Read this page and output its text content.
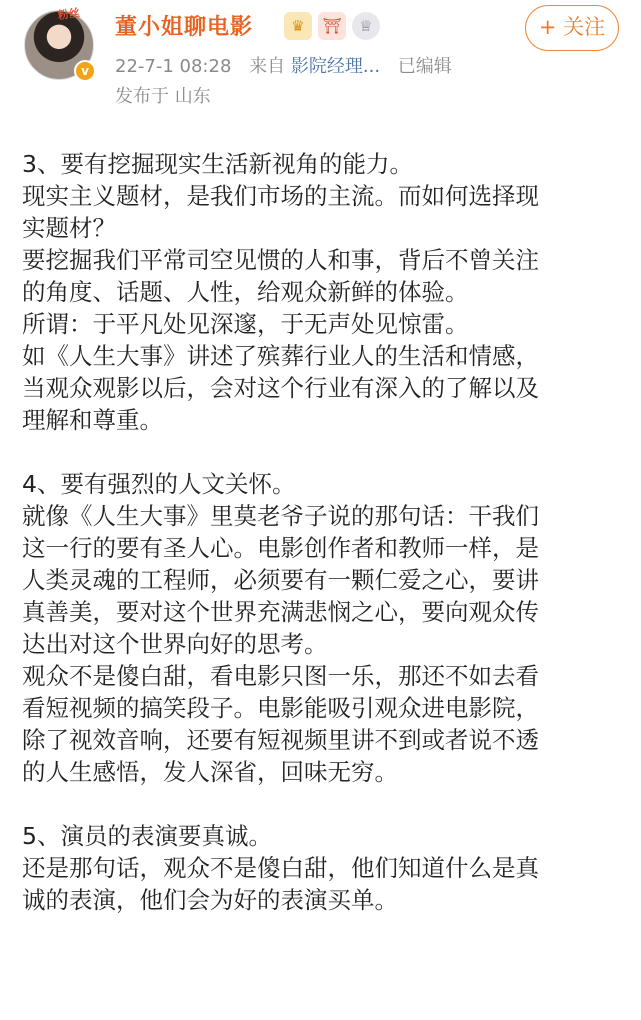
粉丝
v
董小姐聊电影	♛	⛩	♕
22-7-1 08:28 来自 影院经理... 已编辑
发布于 山东
+ 关注
3、要有挖掘现实生活新视角的能力。
现实主义题材，是我们市场的主流。而如何选择现
实题材？
要挖掘我们平常司空见惯的人和事，背后不曾关注
的角度、话题、人性，给观众新鲜的体验。
所谓：于平凡处见深邃，于无声处见惊雷。
如《人生大事》讲述了殡葬行业人的生活和情感，
当观众观影以后，会对这个行业有深入的了解以及
理解和尊重。
4、要有强烈的人文关怀。
就像《人生大事》里莫老爷子说的那句话：干我们
这一行的要有圣人心。电影创作者和教师一样，是
人类灵魂的工程师，必须要有一颗仁爱之心，要讲
真善美，要对这个世界充满悲悯之心，要向观众传
达出对这个世界向好的思考。
观众不是傻白甜，看电影只图一乐，那还不如去看
看短视频的搞笑段子。电影能吸引观众进电影院，
除了视效音响，还要有短视频里讲不到或者说不透
的人生感悟，发人深省，回味无穷。
5、演员的表演要真诚。
还是那句话，观众不是傻白甜，他们知道什么是真
诚的表演，他们会为好的表演买单。
